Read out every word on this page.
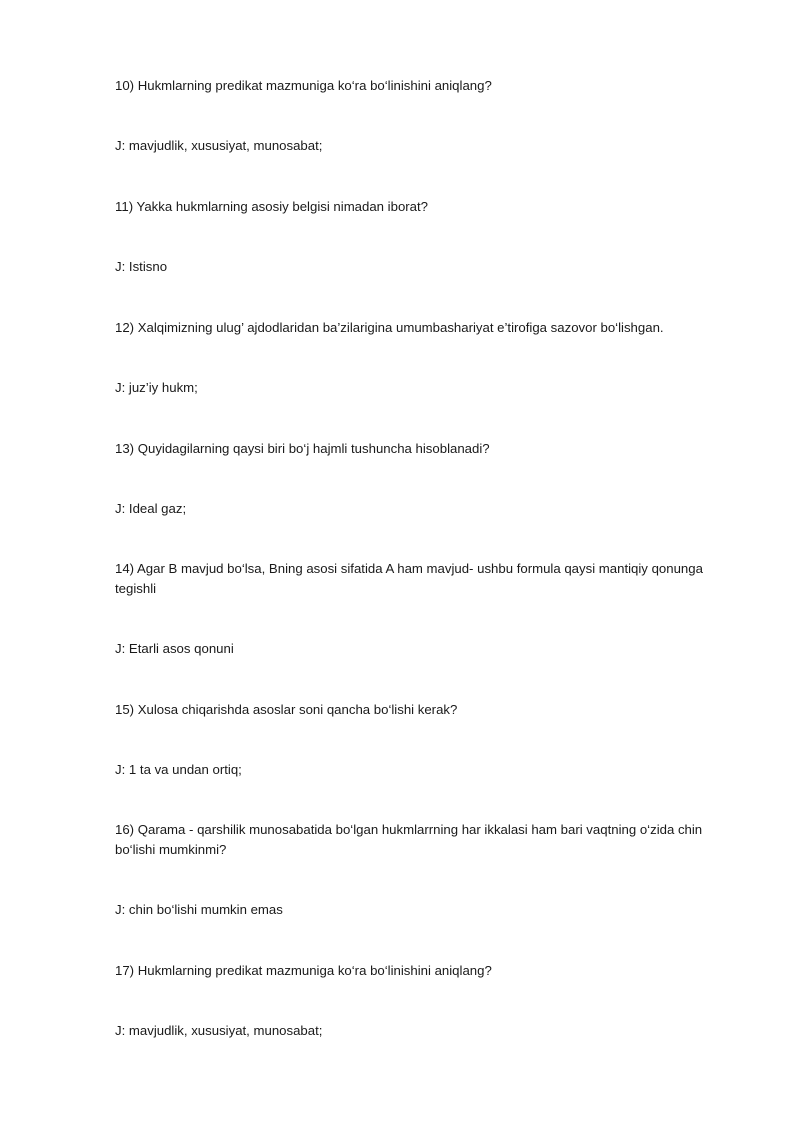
10) Hukmlarning predikat mazmuniga ko‘ra bo‘linishini aniqlang?

J: mavjudlik, xususiyat, munosabat;

11) Yakka hukmlarning asosiy belgisi nimadan iborat?

J: Istisno

12) Xalqimizning ulug’ ajdodlaridan ba’zilarigina umumbashariyat e’tirofiga sazovor bo‘lishgan.

J: juz’iy hukm;

13) Quyidagilarning qaysi biri bo‘j hajmli tushuncha hisoblanadi?

J: Ideal gaz;

14) Agar B mavjud bo‘lsa, Bning asosi sifatida A ham mavjud- ushbu formula qaysi mantiqiy qonunga tegishli

J: Etarli asos qonuni

15) Xulosa chiqarishda asoslar soni qancha bo‘lishi kerak?

J: 1 ta va undan ortiq;

16) Qarama - qarshilik munosabatida bo‘lgan hukmlarrning har ikkalasi ham bari vaqtning o‘zida chin bo‘lishi mumkinmi?

J: chin bo‘lishi mumkin emas

17) Hukmlarning predikat mazmuniga ko‘ra bo‘linishini aniqlang?

J: mavjudlik, xususiyat, munosabat;
